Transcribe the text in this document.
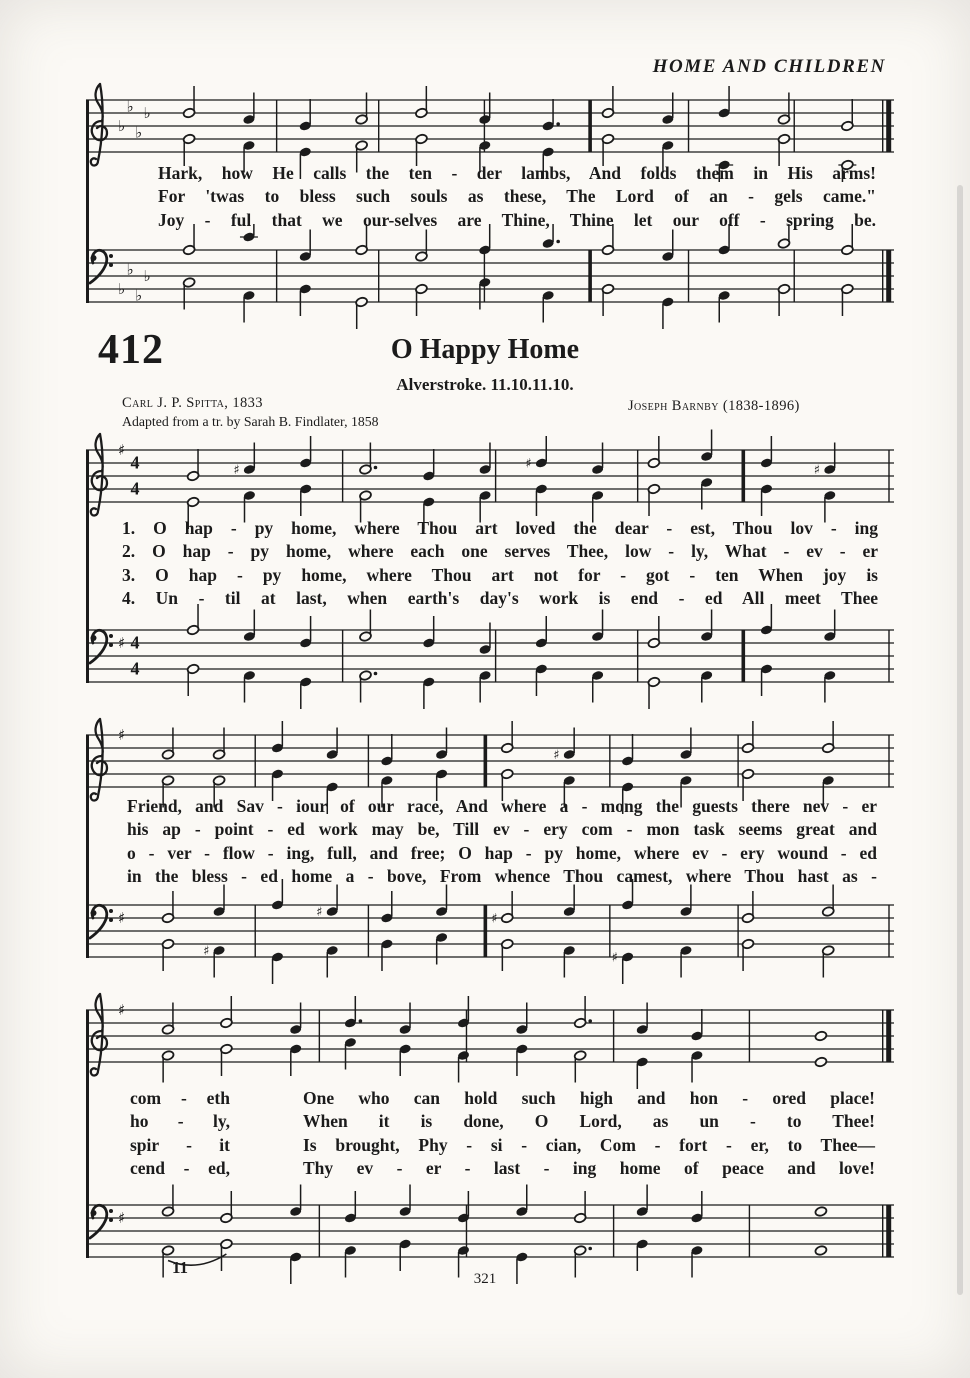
HOME AND CHILDREN
♭
♭
♭
♭
Hark, how He calls the ten - der lambs, And folds them in His arms!
For 'twas to bless such souls as these, The Lord of an - gels came."
Joy - ful that we our-selves are Thine, Thine let our off - spring be.
♭
♭
♭
♭
412	O Happy Home
Alverstroke. 11.10.11.10.
Carl J. P. Spitta, 1833
Adapted from a tr. by Sarah B. Findlater, 1858
Joseph Barnby (1838-1896)
♯
4
4
♯	♯	♯
1. O hap - py home, where Thou art loved the dear - est, Thou lov - ing
2. O hap - py home, where each one serves Thee, low - ly, What - ev - er
3. O hap - py home, where Thou art not for - got - ten When joy is
4. Un - til at last, when earth's day's work is end - ed All meet Thee
♯ 4
4
♯
♯
Friend, and Sav - iour of our race, And where a - mong the guests there nev - er
his ap - point - ed work may be, Till ev - ery com - mon task seems great and
o - ver - flow - ing, full, and free; O hap - py home, where ev - ery wound - ed
in the bless - ed home a - bove, From whence Thou camest, where Thou hast as -
♯
♯
♯	♯
♯
♯
com - eth
ho - ly,
spir - it
cend - ed,
One who can hold such high and hon - ored place!
When it is done, O Lord, as un - to Thee!
Is brought, Phy - si - cian, Com - fort - er, to Thee—
Thy ev - er - last - ing home of peace and love!
♯
11
321
